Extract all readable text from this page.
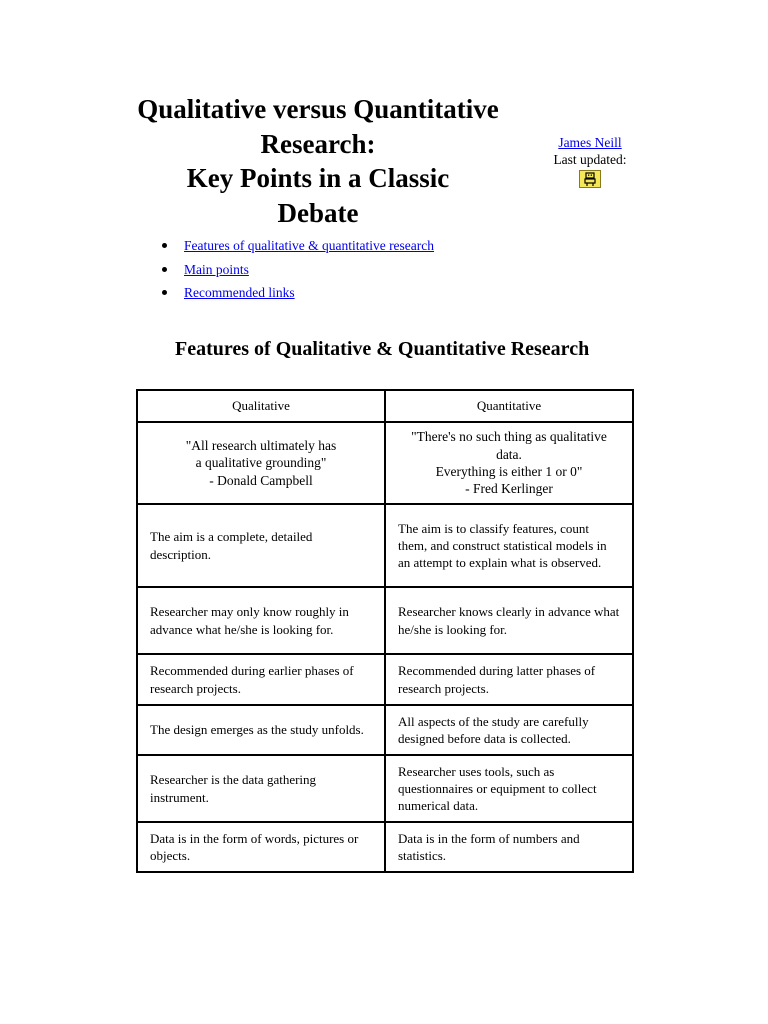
Qualitative versus Quantitative
Research:
Key Points in a Classic
Debate
James Neill
Last updated:

Features of qualitative & quantitative research
Main points
Recommended links
Features of Qualitative & Quantitative Research
Qualitative	Quantitative

"All research ultimately has
a qualitative grounding"
- Donald Campbell	"There's no such thing as qualitative
data.
Everything is either 1 or 0"
- Fred Kerlinger

The aim is a complete, detailed description.	The aim is to classify features, count them, and construct statistical models in an attempt to explain what is observed.
Researcher may only know roughly in advance what he/she is looking for.	Researcher knows clearly in advance what he/she is looking for.
Recommended during earlier phases of research projects.	Recommended during latter phases of research projects.
The design emerges as the study unfolds.	All aspects of the study are carefully designed before data is collected.
Researcher is the data gathering instrument.	Researcher uses tools, such as questionnaires or equipment to collect numerical data.
Data is in the form of words, pictures or objects.	Data is in the form of numbers and statistics.
